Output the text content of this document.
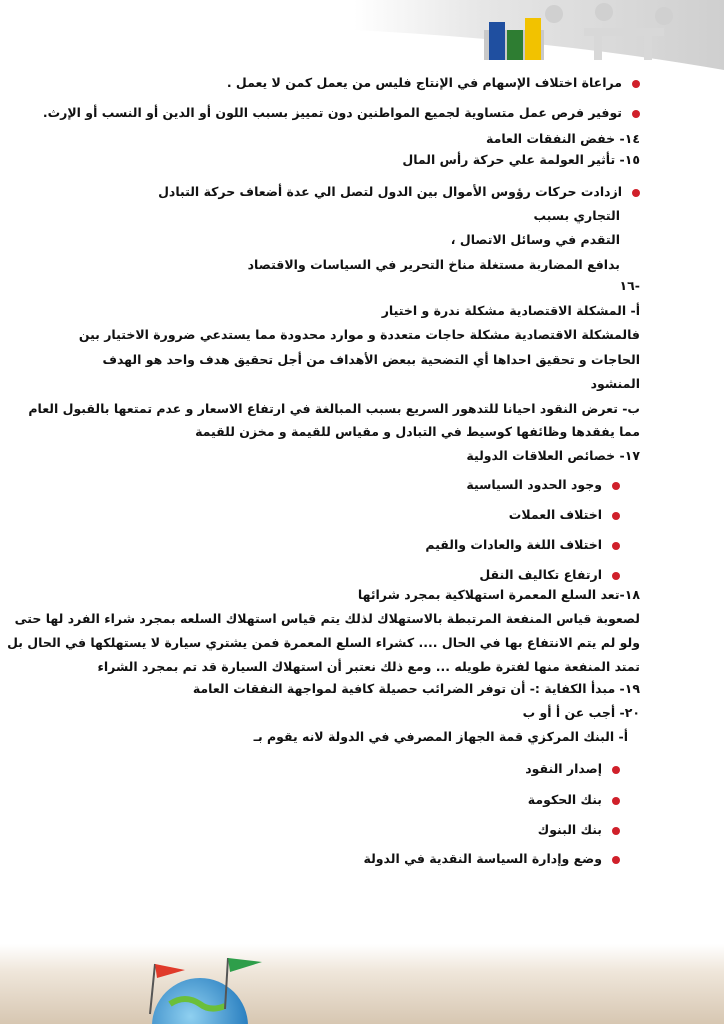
مراعاة اختلاف الإسهام في الإنتاج فليس من يعمل كمن لا يعمل .
توفير فرص عمل متساوية لجميع المواطنين دون تمييز بسبب اللون أو الدين أو النسب أو الإرث.
١٤- خفض النفقات العامة
١٥- تأثير العولمة علي حركة رأس المال
ازدادت حركات رؤوس الأموال بين الدول لتصل الي عدة أضعاف حركة التبادل
التجاري بسبب
التقدم في وسائل الاتصال ،
بدافع المضاربة مستغلة مناخ التحرير في السياسات والاقتصاد
-١٦
أ- المشكلة الاقتصادية مشكلة ندرة و اختيار
فالمشكلة الاقتصادية مشكلة حاجات متعددة و موارد محدودة مما يستدعي ضرورة الاختيار بين
الحاجات و تحقيق احداها أي التضحية ببعض الأهداف من أجل تحقيق هدف واحد هو الهدف
المنشود
ب- تعرض النقود احيانا للتدهور السريع بسبب المبالغة في ارتفاع الاسعار و عدم تمتعها بالقبول العام
مما يفقدها وظائفها كوسيط في التبادل و مقياس للقيمة و مخزن للقيمة
١٧- خصائص العلاقات الدولية
وجود الحدود السياسية
اختلاف العملات
اختلاف اللغة والعادات والقيم
ارتفاع تكاليف النقل
١٨-تعد السلع المعمرة استهلاكية بمجرد شرائها
لصعوبة قياس المنفعة المرتبطة بالاستهلاك لذلك يتم قياس استهلاك السلعه بمجرد شراء الفرد لها حتى
ولو لم يتم الانتفاع بها في الحال .... كشراء السلع المعمرة فمن يشتري سيارة لا يستهلكها في الحال بل
تمتد المنفعة منها لفترة طويله ... ومع ذلك نعتبر أن استهلاك السيارة قد تم بمجرد الشراء
١٩- مبدأ الكفاية :- أن توفر الضرائب حصيلة كافية لمواجهة النفقات العامة
٢٠- أجب عن أ أو ب
أ- البنك المركزي قمة الجهاز المصرفي في الدولة لانه يقوم بـ
إصدار النقود
بنك الحكومة
بنك البنوك
وضع وإدارة السياسة النقدية في الدولة
